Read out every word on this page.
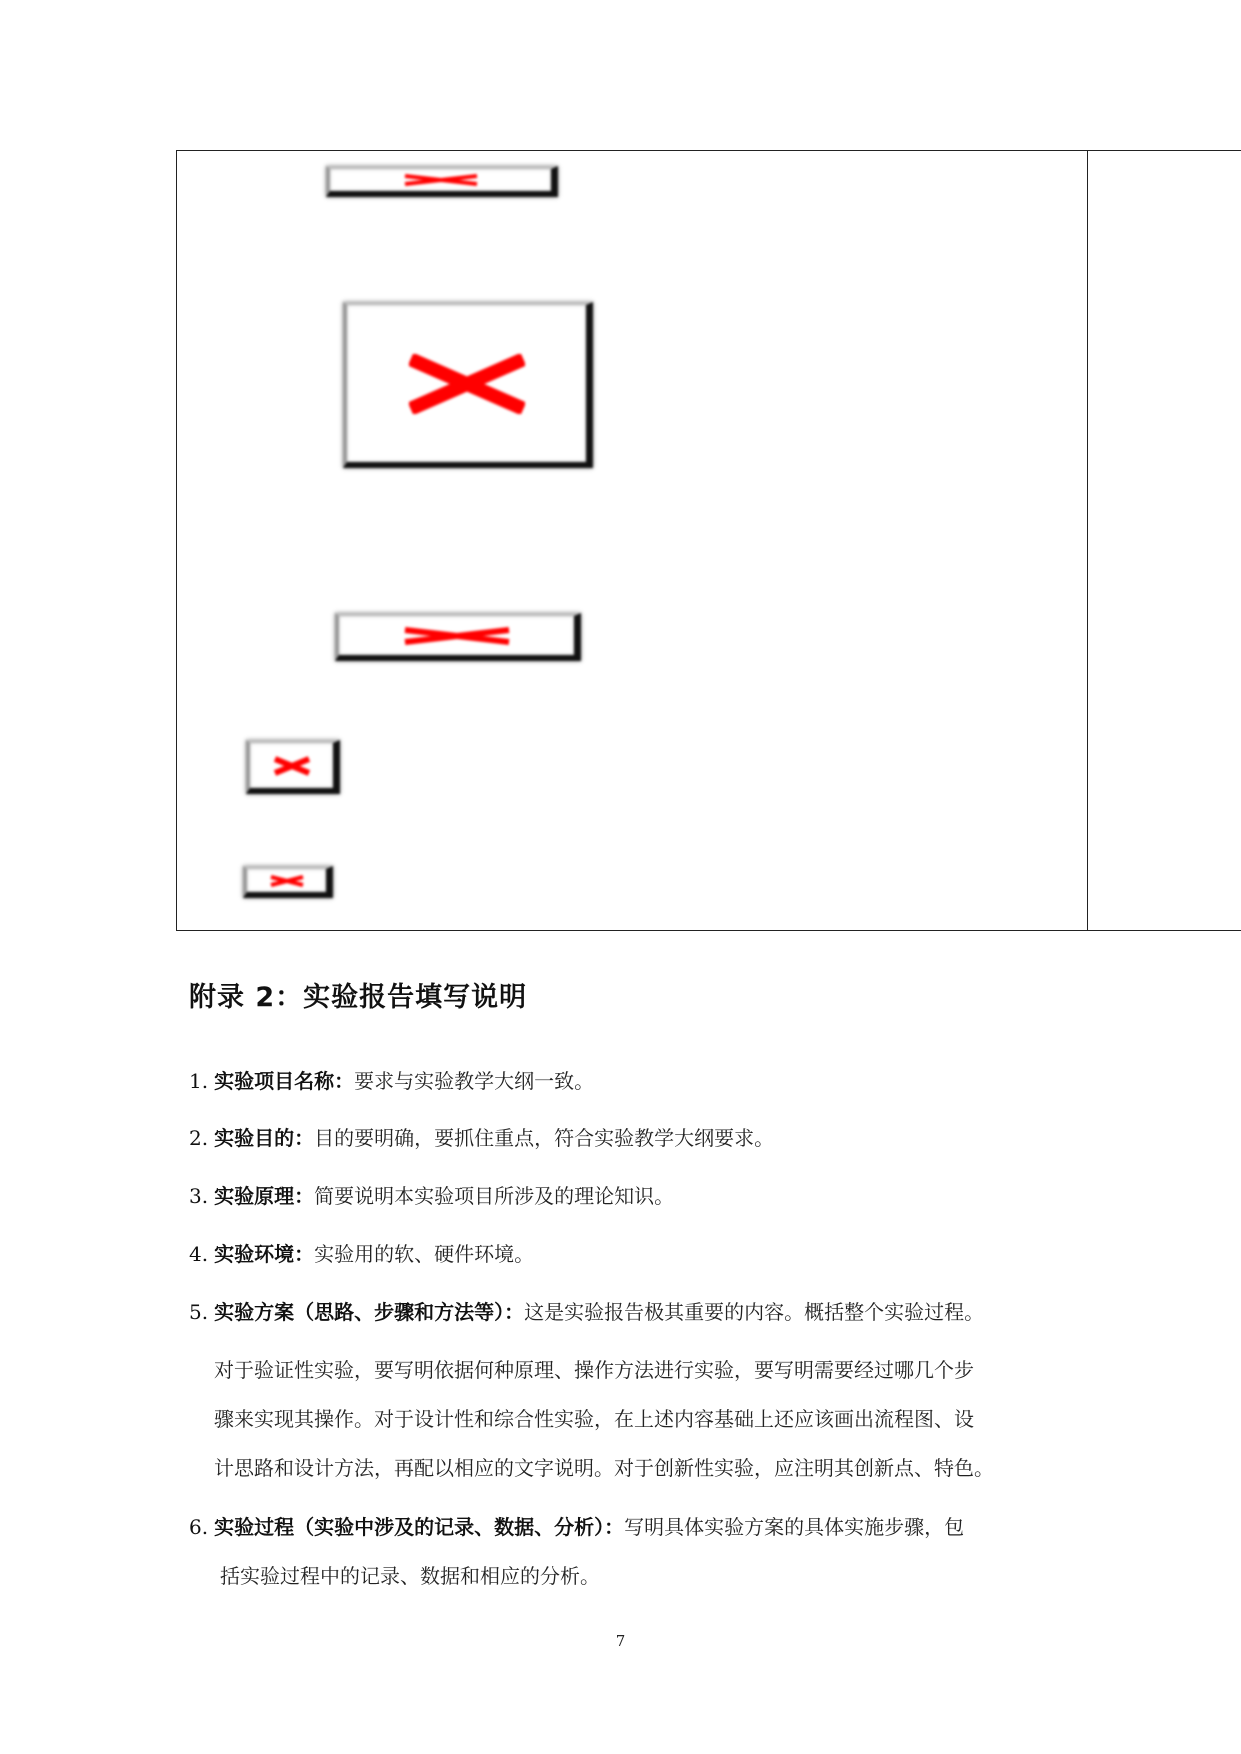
附录 2：实验报告填写说明
1. 实验项目名称：要求与实验教学大纲一致。
2. 实验目的：目的要明确，要抓住重点，符合实验教学大纲要求。
3. 实验原理：简要说明本实验项目所涉及的理论知识。
4. 实验环境：实验用的软、硬件环境。
5. 实验方案（思路、步骤和方法等）：这是实验报告极其重要的内容。概括整个实验过程。
对于验证性实验，要写明依据何种原理、操作方法进行实验，要写明需要经过哪几个步
骤来实现其操作。对于设计性和综合性实验，在上述内容基础上还应该画出流程图、设
计思路和设计方法，再配以相应的文字说明。对于创新性实验，应注明其创新点、特色。
6. 实验过程（实验中涉及的记录、数据、分析）：写明具体实验方案的具体实施步骤，包
括实验过程中的记录、数据和相应的分析。
7
